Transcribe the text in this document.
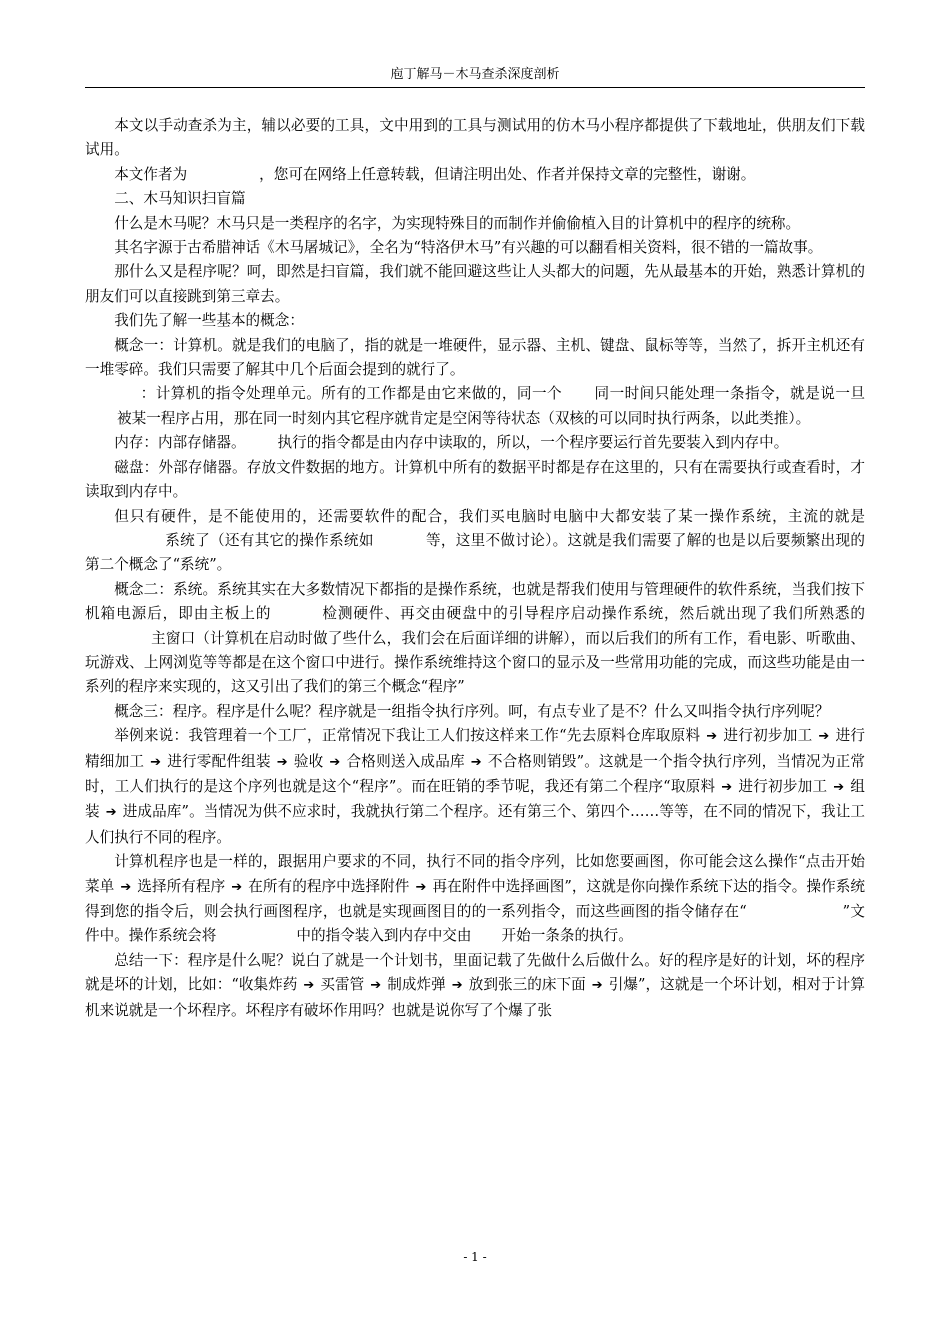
庖丁解马－木马查杀深度剖析

本文以手动查杀为主，辅以必要的工具，文中用到的工具与测试用的仿木马小程序都提供了下载地址，供朋友们下载试用。

本文作者为	，您可在网络上任意转载，但请注明出处、作者并保持文章的完整性，谢谢。

二、木马知识扫盲篇

什么是木马呢？木马只是一类程序的名字，为实现特殊目的而制作并偷偷植入目的计算机中的程序的统称。

其名字源于古希腊神话《木马屠城记》，全名为“特洛伊木马”有兴趣的可以翻看相关资料，很不错的一篇故事。

那什么又是程序呢？呵，即然是扫盲篇，我们就不能回避这些让人头都大的问题，先从最基本的开始，熟悉计算机的朋友们可以直接跳到第三章去。

我们先了解一些基本的概念：

概念一：计算机。就是我们的电脑了，指的就是一堆硬件，显示器、主机、键盘、鼠标等等，当然了，拆开主机还有一堆零碎。我们只需要了解其中几个后面会提到的就行了。

：计算机的指令处理单元。所有的工作都是由它来做的，同一个 同一时间只能处理一条指令，就是说一旦被某一程序占用，那在同一时刻内其它程序就肯定是空闲等待状态（双核的可以同时执行两条，以此类推）。

内存：内部存储器。 执行的指令都是由内存中读取的，所以，一个程序要运行首先要装入到内存中。

磁盘：外部存储器。存放文件数据的地方。计算机中所有的数据平时都是存在这里的，只有在需要执行或查看时，才读取到内存中。

但只有硬件，是不能使用的，还需要软件的配合，我们买电脑时电脑中大都安装了某一操作系统，主流的就是系统了（还有其它的操作系统如	等，这里不做讨论）。这就是我们需要了解的也是以后要频繁出现的第二个概念了“系统”。

概念二：系统。系统其实在大多数情况下都指的是操作系统，也就是帮我们使用与管理硬件的软件系统，当我们按下机箱电源后，即由主板上的	检测硬件、再交由硬盘中的引导程序启动操作系统，然后就出现了我们所熟悉的主窗口（计算机在启动时做了些什么，我们会在后面详细的讲解），而以后我们的所有工作，看电影、听歌曲、玩游戏、上网浏览等等都是在这个窗口中进行。操作系统维持这个窗口的显示及一些常用功能的完成，而这些功能是由一系列的程序来实现的，这又引出了我们的第三个概念“程序”

概念三：程序。程序是什么呢？程序就是一组指令执行序列。呵，有点专业了是不？什么又叫指令执行序列呢？

举例来说：我管理着一个工厂，正常情况下我让工人们按这样来工作“先去原料仓库取原料 ➔ 进行初步加工 ➔ 进行精细加工 ➔ 进行零配件组装 ➔ 验收 ➔ 合格则送入成品库 ➔ 不合格则销毁”。这就是一个指令执行序列，当情况为正常时，工人们执行的是这个序列也就是这个“程序”。而在旺销的季节呢，我还有第二个程序“取原料 ➔ 进行初步加工 ➔ 组装 ➔ 进成品库”。当情况为供不应求时，我就执行第二个程序。还有第三个、第四个……等等，在不同的情况下，我让工人们执行不同的程序。

计算机程序也是一样的，跟据用户要求的不同，执行不同的指令序列，比如您要画图，你可能会这么操作“点击开始菜单 ➔ 选择所有程序 ➔ 在所有的程序中选择附件 ➔ 再在附件中选择画图”，这就是你向操作系统下达的指令。操作系统得到您的指令后，则会执行画图程序，也就是实现画图目的的一系列指令，而这些画图的指令储存在“	”文件中。操作系统会将	中的指令装入到内存中交由 开始一条条的执行。

总结一下：程序是什么呢？说白了就是一个计划书，里面记载了先做什么后做什么。好的程序是好的计划，坏的程序就是坏的计划，比如：“收集炸药 ➔ 买雷管 ➔ 制成炸弹 ➔ 放到张三的床下面 ➔ 引爆”，这就是一个坏计划，相对于计算机来说就是一个坏程序。坏程序有破坏作用吗？也就是说你写了个爆了张

- 1 -
